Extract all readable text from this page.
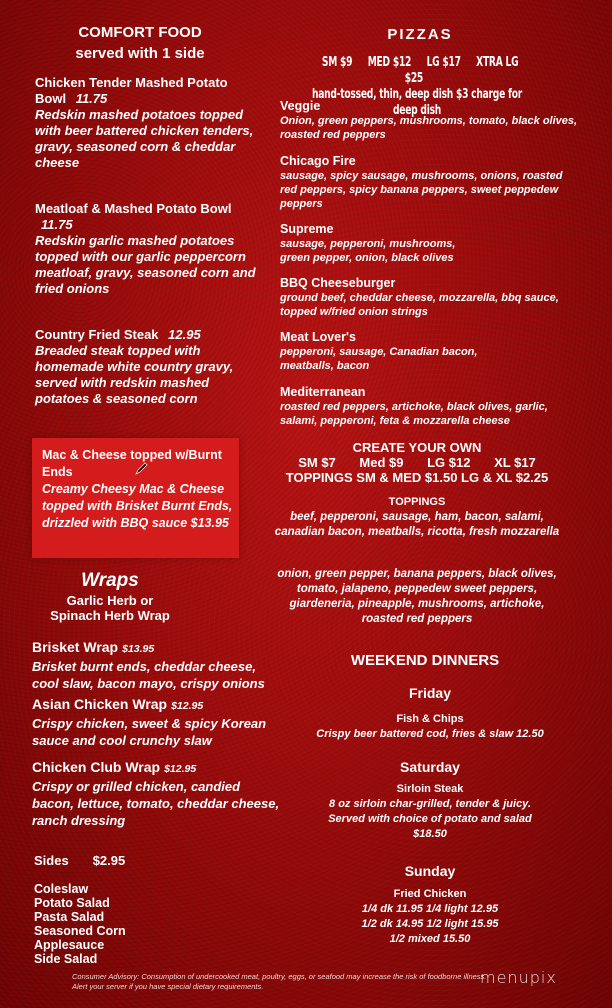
COMFORT FOOD
served with 1 side
Chicken Tender Mashed Potato Bowl 11.75
Redskin mashed potatoes topped with beer battered chicken tenders, gravy, seasoned corn & cheddar cheese
Meatloaf & Mashed Potato Bowl 11.75
Redskin garlic mashed potatoes topped with our garlic peppercorn meatloaf, gravy, seasoned corn and fried onions
Country Fried Steak 12.95
Breaded steak topped with homemade white country gravy, served with redskin mashed potatoes & seasoned corn
Mac & Cheese topped w/Burnt Ends
Creamy Cheesy Mac & Cheese topped with Brisket Burnt Ends, drizzled with BBQ sauce $13.95
Wraps
Garlic Herb or
Spinach Herb Wrap
Brisket Wrap $13.95
Brisket burnt ends, cheddar cheese, cool slaw, bacon mayo, crispy onions
Asian Chicken Wrap $12.95
Crispy chicken, sweet & spicy Korean sauce and cool crunchy slaw
Chicken Club Wrap $12.95
Crispy or grilled chicken, candied bacon, lettuce, tomato, cheddar cheese, ranch dressing
Sides $2.95
Coleslaw
Potato Salad
Pasta Salad
Seasoned Corn
Applesauce
Side Salad
PIZZAS
SM $9 MED $12 LG $17 XTRA LG $25
hand-tossed, thin, deep dish $3 charge for deep dish
Veggie
Onion, green peppers, mushrooms, tomato, black olives, roasted red peppers
Chicago Fire
sausage, spicy sausage, mushrooms, onions, roasted red peppers, spicy banana peppers, sweet peppedew peppers
Supreme
sausage, pepperoni, mushrooms, green pepper, onion, black olives
BBQ Cheeseburger
ground beef, cheddar cheese, mozzarella, bbq sauce, topped w/fried onion strings
Meat Lover's
pepperoni, sausage, Canadian bacon, meatballs, bacon
Mediterranean
roasted red peppers, artichoke, black olives, garlic, salami, pepperoni, feta & mozzarella cheese
CREATE YOUR OWN
SM $7 Med $9 LG $12 XL $17
TOPPINGS SM & MED $1.50 LG & XL $2.25
TOPPINGS
beef, pepperoni, sausage, ham, bacon, salami, canadian bacon, meatballs, ricotta, fresh mozzarella
onion, green pepper, banana peppers, black olives, tomato, jalapeno, peppedew sweet peppers, giardeneria, pineapple, mushrooms, artichoke, roasted red peppers
WEEKEND DINNERS
Friday
Fish & Chips
Crispy beer battered cod, fries & slaw 12.50
Saturday
Sirloin Steak
8 oz sirloin char-grilled, tender & juicy.
Served with choice of potato and salad
$18.50
Sunday
Fried Chicken
1/4 dk 11.95 1/4 light 12.95
1/2 dk 14.95 1/2 light 15.95
1/2 mixed 15.50
Consumer Advisory: Consumption of undercooked meat, poultry, eggs, or seafood may increase the risk of foodborne illness.
Alert your server if you have special dietary requirements.	menupix
